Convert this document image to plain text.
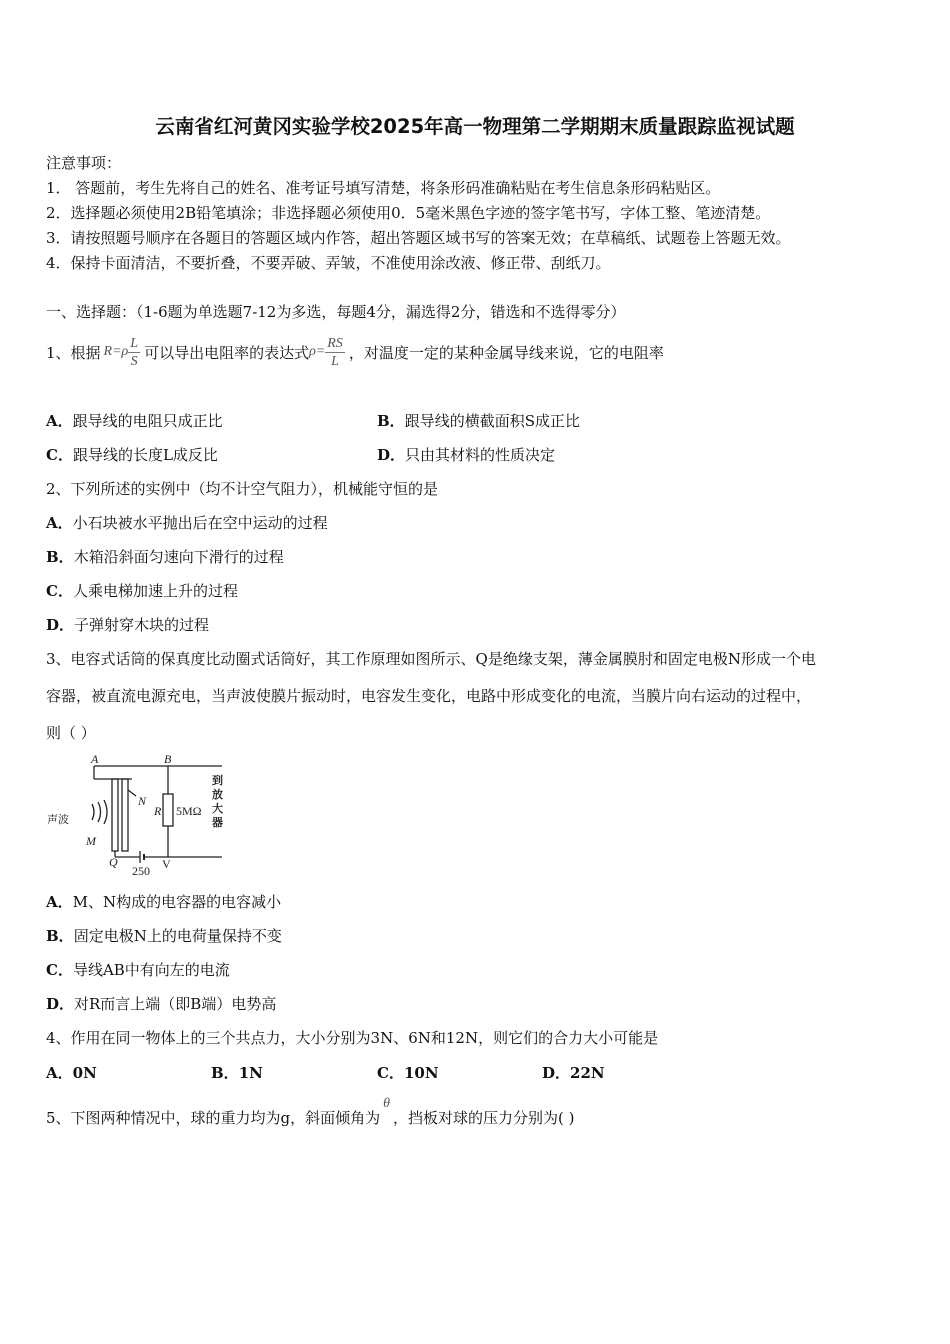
云南省红河黄冈实验学校2025年高一物理第二学期期末质量跟踪监视试题
注意事项：
1． 答题前，考生先将自己的姓名、准考证号填写清楚，将条形码准确粘贴在考生信息条形码粘贴区。
2．选择题必须使用2B铅笔填涂；非选择题必须使用0．5毫米黑色字迹的签字笔书写，字体工整、笔迹清楚。
3．请按照题号顺序在各题目的答题区域内作答，超出答题区域书写的答案无效；在草稿纸、试题卷上答题无效。
4．保持卡面清洁，不要折叠，不要弄破、弄皱，不准使用涂改液、修正带、刮纸刀。
一、选择题：（1-6题为单选题7-12为多选，每题4分，漏选得2分，错选和不选得零分）
1、根据 $R=\rho \frac{L}{S}$ 可以导出电阻率的表达式 $\rho= \frac{RS}{L}$ ，对温度一定的某种金属导线来说，它的电阻率
A．跟导线的电阻只成正比	B．跟导线的横截面积S成正比
C．跟导线的长度L成反比	D．只由其材料的性质决定
2、下列所述的实例中（均不计空气阻力），机械能守恒的是
A．小石块被水平抛出后在空中运动的过程
B．木箱沿斜面匀速向下滑行的过程
C．人乘电梯加速上升的过程
D．子弹射穿木块的过程
3、电容式话筒的保真度比动圈式话筒好，其工作原理如图所示、Q是绝缘支架，薄金属膜肘和固定电极N形成一个电
容器，被直流电源充电，当声波使膜片振动时，电容发生变化，电路中形成变化的电流，当膜片向右运动的过程中，
则（ ）
A	B
N
R 5MΩ
声波
M
Q
250 V
到
放
大
器
A．M、N构成的电容器的电容减小
B．固定电极N上的电荷量保持不变
C．导线AB中有向左的电流
D．对R而言上端（即B端）电势高
4、作用在同一物体上的三个共点力，大小分别为3N、6N和12N，则它们的合力大小可能是
A．0N	B．1N	C．10N	D．22N
5、下图两种情况中，球的重力均为g，斜面倾角为
θ
，挡板对球的压力分别为( )
